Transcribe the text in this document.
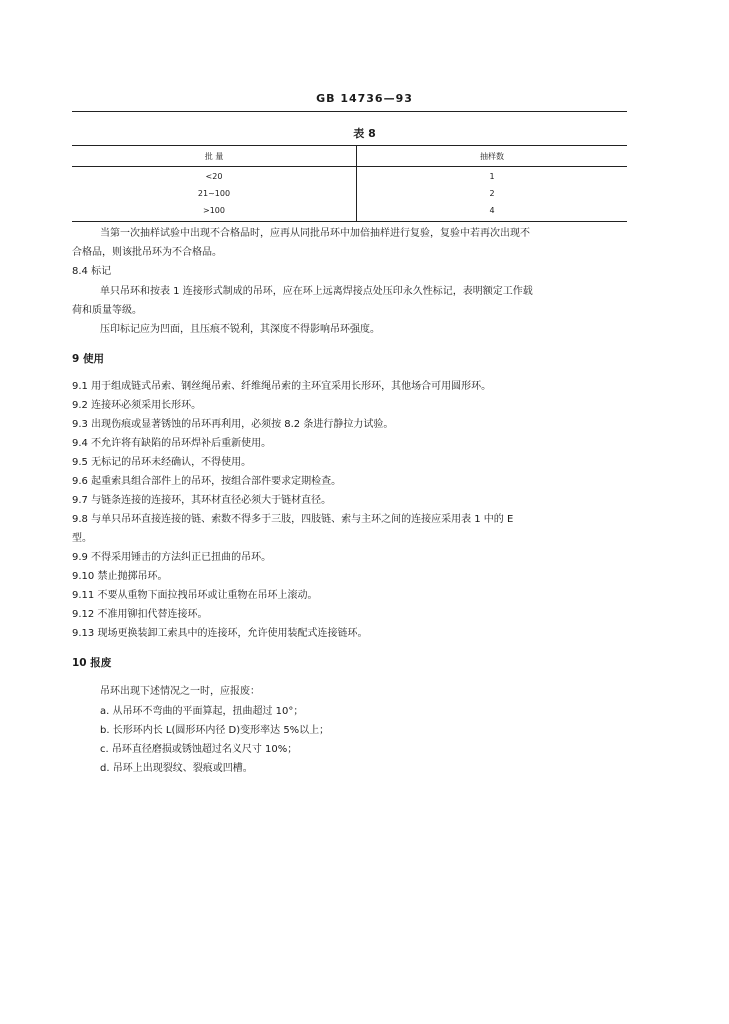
GB 14736—93
表 8
批 量	抽样数
<20	1
21~100	2
>100	4
当第一次抽样试验中出现不合格品时，应再从同批吊环中加倍抽样进行复验，复验中若再次出现不
合格品，则该批吊环为不合格品。
8.4 标记
单只吊环和按表 1 连接形式制成的吊环，应在环上远离焊接点处压印永久性标记，表明额定工作载
荷和质量等级。
压印标记应为凹面，且压痕不锐利，其深度不得影响吊环强度。
9 使用
9.1 用于组成链式吊索、钢丝绳吊索、纤维绳吊索的主环宜采用长形环，其他场合可用圆形环。
9.2 连接环必须采用长形环。
9.3 出现伤痕或显著锈蚀的吊环再利用，必须按 8.2 条进行静拉力试验。
9.4 不允许将有缺陷的吊环焊补后重新使用。
9.5 无标记的吊环未经确认，不得使用。
9.6 起重索具组合部件上的吊环，按组合部件要求定期检查。
9.7 与链条连接的连接环，其环材直径必须大于链材直径。
9.8 与单只吊环直接连接的链、索数不得多于三肢，四肢链、索与主环之间的连接应采用表 1 中的 E
型。
9.9 不得采用锤击的方法纠正已扭曲的吊环。
9.10 禁止抛掷吊环。
9.11 不要从重物下面拉拽吊环或让重物在吊环上滚动。
9.12 不准用铆扣代替连接环。
9.13 现场更换装卸工索具中的连接环，允许使用装配式连接链环。
10 报废
吊环出现下述情况之一时，应报废：
a. 从吊环不弯曲的平面算起，扭曲超过 10°；
b. 长形环内长 L(圆形环内径 D)变形率达 5%以上；
c. 吊环直径磨损或锈蚀超过名义尺寸 10%；
d. 吊环上出现裂纹、裂痕或凹槽。
